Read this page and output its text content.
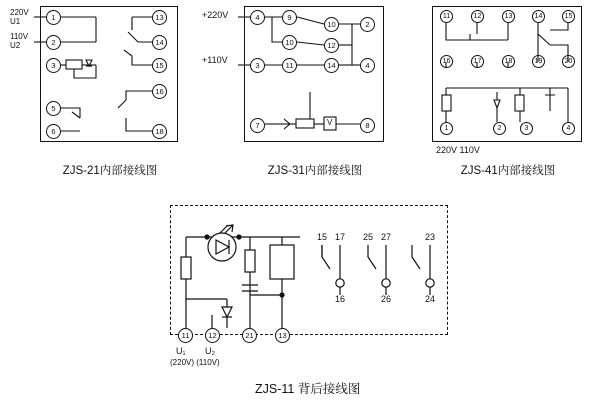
220V
U1
110V
U2
1
2
3
5
6
13
14
15
16
18
ZJS-21内部接线图
+220V
+110V
4	9
10	2
10	12
3	11	14	4
7	8
V
ZJS-31内部接线图
11	12	13	14	15
16	17	18	19	20
1	2	3	4
220V 110V
ZJS-41内部接线图
11	12	21	13
15 17 25 27	23
16	26	24
U₁ U₂
(220V) (110V)
ZJS-11 背后接线图
